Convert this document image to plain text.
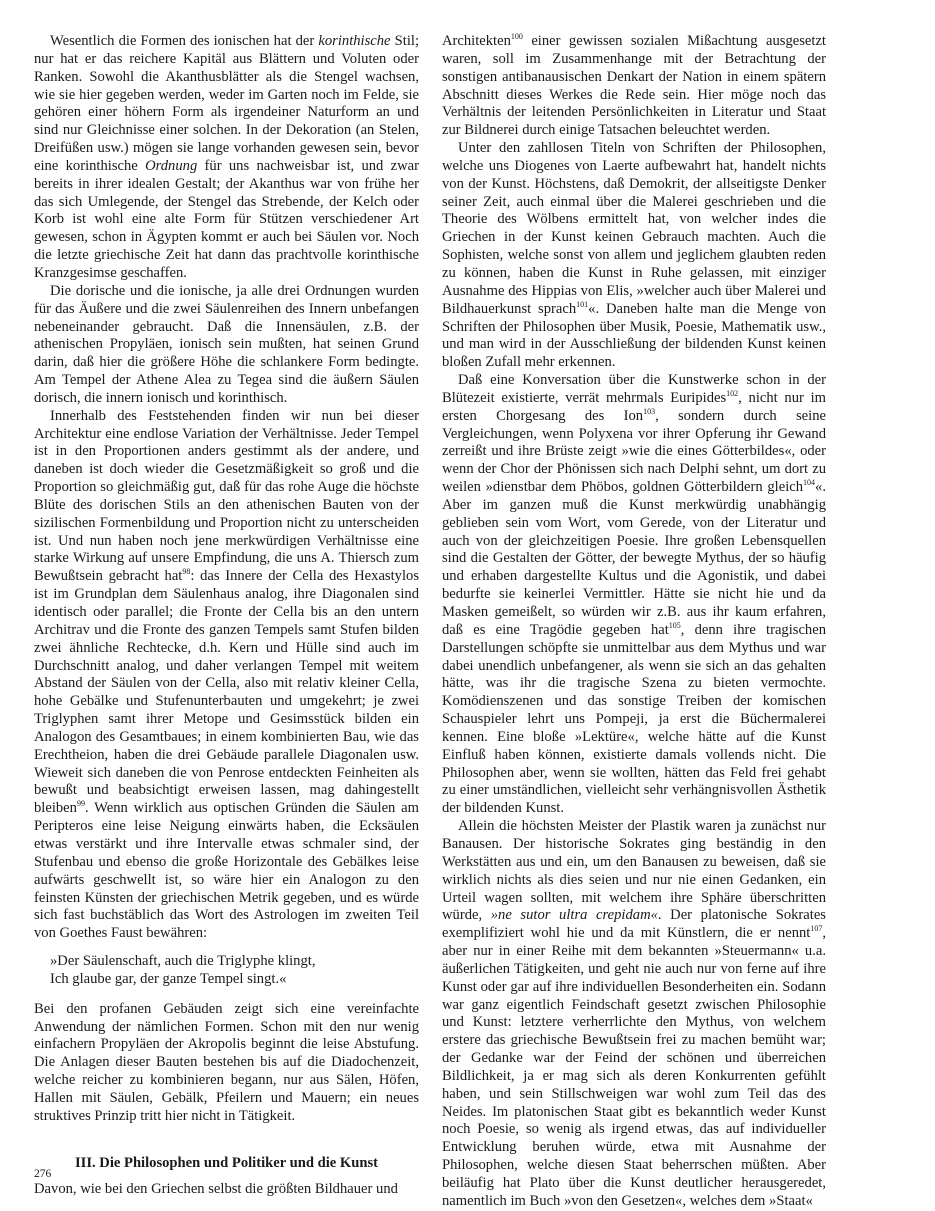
Wesentlich die Formen des ionischen hat der korinthische Stil; nur hat er das reichere Kapitäl aus Blättern und Voluten oder Ranken. Sowohl die Akanthusblätter als die Stengel wachsen, wie sie hier gegeben werden, weder im Garten noch im Felde, sie gehören einer höhern Form als irgendeiner Naturform an und sind nur Gleichnisse einer solchen. In der Dekoration (an Stelen, Dreifüßen usw.) mögen sie lange vorhanden gewesen sein, bevor eine korinthische Ordnung für uns nachweisbar ist, und zwar bereits in ihrer idealen Gestalt; der Akanthus war von frühe her das sich Umlegende, der Stengel das Strebende, der Kelch oder Korb ist wohl eine alte Form für Stützen verschiedener Art gewesen, schon in Ägypten kommt er auch bei Säulen vor. Noch die letzte griechische Zeit hat dann das prachtvolle korinthische Kranzgesimse geschaffen.

Die dorische und die ionische, ja alle drei Ordnungen wurden für das Äußere und die zwei Säulenreihen des Innern unbefangen nebeneinander gebraucht. Daß die Innensäulen, z.B. der athenischen Propyläen, ionisch sein mußten, hat seinen Grund darin, daß hier die größere Höhe die schlankere Form bedingte. Am Tempel der Athene Alea zu Tegea sind die äußern Säulen dorisch, die innern ionisch und korinthisch.

Innerhalb des Feststehenden finden wir nun bei dieser Architektur eine endlose Variation der Verhältnisse. Jeder Tempel ist in den Proportionen anders gestimmt als der andere, und daneben ist doch wieder die Gesetzmäßigkeit so groß und die Proportion so gleichmäßig gut, daß für das rohe Auge die höchste Blüte des dorischen Stils an den athenischen Bauten von der sizilischen Formenbildung und Proportion nicht zu unterscheiden ist. Und nun haben noch jene merkwürdigen Verhältnisse eine starke Wirkung auf unsere Empfindung, die uns A. Thiersch zum Bewußtsein gebracht hat$^{98}$: das Innere der Cella des Hexastylos ist im Grundplan dem Säulenhaus analog, ihre Diagonalen sind identisch oder parallel; die Fronte der Cella bis an den untern Architrav und die Fronte des ganzen Tempels samt Stufen bilden zwei ähnliche Rechtecke, d.h. Kern und Hülle sind auch im Durchschnitt analog, und daher verlangen Tempel mit weitem Abstand der Säulen von der Cella, also mit relativ kleiner Cella, hohe Gebälke und Stufenunterbauten und umgekehrt; je zwei Triglyphen samt ihrer Metope und Gesimsstück bilden ein Analogon des Gesamtbaues; in einem kombinierten Bau, wie das Erechtheion, haben die drei Gebäude parallele Diagonalen usw. Wieweit sich daneben die von Penrose entdeckten Feinheiten als bewußt und beabsichtigt erweisen lassen, mag dahingestellt bleiben$^{99}$. Wenn wirklich aus optischen Gründen die Säulen am Peripteros eine leise Neigung einwärts haben, die Ecksäulen etwas verstärkt und ihre Intervalle etwas schmaler sind, der Stufenbau und ebenso die große Horizontale des Gebälkes leise aufwärts geschwellt ist, so wäre hier ein Analogon zu den feinsten Künsten der griechischen Metrik gegeben, und es würde sich fast buchstäblich das Wort des Astrologen im zweiten Teil von Goethes Faust bewähren:

»Der Säulenschaft, auch die Triglyphe klingt,
Ich glaube gar, der ganze Tempel singt.«

Bei den profanen Gebäuden zeigt sich eine vereinfachte Anwendung der nämlichen Formen. Schon mit den nur wenig einfachern Propyläen der Akropolis beginnt die leise Abstufung. Die Anlagen dieser Bauten bestehen bis auf die Diadochenzeit, welche reicher zu kombinieren begann, nur aus Sälen, Höfen, Hallen mit Säulen, Gebälk, Pfeilern und Mauern; ein neues struktives Prinzip tritt hier nicht in Tätigkeit.

III. Die Philosophen und Politiker und die Kunst

Davon, wie bei den Griechen selbst die größten Bildhauer und

Architekten$^{100}$ einer gewissen sozialen Mißachtung ausgesetzt waren, soll im Zusammenhange mit der Betrachtung der sonstigen antibanausischen Denkart der Nation in einem spätern Abschnitt dieses Werkes die Rede sein. Hier möge noch das Verhältnis der leitenden Persönlichkeiten in Literatur und Staat zur Bildnerei durch einige Tatsachen beleuchtet werden.

Unter den zahllosen Titeln von Schriften der Philosophen, welche uns Diogenes von Laerte aufbewahrt hat, handelt nichts von der Kunst. Höchstens, daß Demokrit, der allseitigste Denker seiner Zeit, auch einmal über die Malerei geschrieben und die Theorie des Wölbens ermittelt hat, von welcher indes die Griechen in der Kunst keinen Gebrauch machten. Auch die Sophisten, welche sonst von allem und jeglichem glaubten reden zu können, haben die Kunst in Ruhe gelassen, mit einziger Ausnahme des Hippias von Elis, »welcher auch über Malerei und Bildhauerkunst sprach$^{101}$«. Daneben halte man die Menge von Schriften der Philosophen über Musik, Poesie, Mathematik usw., und man wird in der Ausschließung der bildenden Kunst keinen bloßen Zufall mehr erkennen.

Daß eine Konversation über die Kunstwerke schon in der Blütezeit existierte, verrät mehrmals Euripides$^{102}$, nicht nur im ersten Chorgesang des Ion$^{103}$, sondern durch seine Vergleichungen, wenn Polyxena vor ihrer Opferung ihr Gewand zerreißt und ihre Brüste zeigt »wie die eines Götterbildes«, oder wenn der Chor der Phönissen sich nach Delphi sehnt, um dort zu weilen »dienstbar dem Phöbos, goldnen Götterbildern gleich$^{104}$«. Aber im ganzen muß die Kunst merkwürdig unabhängig geblieben sein vom Wort, vom Gerede, von der Literatur und auch von der gleichzeitigen Poesie. Ihre großen Lebensquellen sind die Gestalten der Götter, der bewegte Mythus, der so häufig und erhaben dargestellte Kultus und die Agonistik, und dabei bedurfte sie keinerlei Vermittler. Hätte sie nicht hie und da Masken gemeißelt, so würden wir z.B. aus ihr kaum erfahren, daß es eine Tragödie gegeben hat$^{105}$, denn ihre tragischen Darstellungen schöpfte sie unmittelbar aus dem Mythus und war dabei unendlich unbefangener, als wenn sie sich an das gehalten hätte, was ihr die tragische Szena zu bieten vermochte. Komödienszenen und das sonstige Treiben der komischen Schauspieler lehrt uns Pompeji, ja erst die Büchermalerei kennen. Eine bloße »Lektüre«, welche hätte auf die Kunst Einfluß haben können, existierte damals vollends nicht. Die Philosophen aber, wenn sie wollten, hätten das Feld frei gehabt zu einer umständlichen, vielleicht sehr verhängnisvollen Ästhetik der bildenden Kunst.

Allein die höchsten Meister der Plastik waren ja zunächst nur Banausen. Der historische Sokrates ging beständig in den Werkstätten aus und ein, um den Banausen zu beweisen, daß sie wirklich nichts als dies seien und nur nie einen Gedanken, ein Urteil wagen sollten, mit welchem ihre Sphäre überschritten würde, »ne sutor ultra crepidam«. Der platonische Sokrates exemplifiziert wohl hie und da mit Künstlern, die er nennt$^{107}$, aber nur in einer Reihe mit dem bekannten »Steuermann« u.a. äußerlichen Tätigkeiten, und geht nie auch nur von ferne auf ihre Kunst oder gar auf ihre individuellen Besonderheiten ein. Sodann war ganz eigentlich Feindschaft gesetzt zwischen Philosophie und Kunst: letztere verherrlichte den Mythus, von welchem erstere das griechische Bewußtsein frei zu machen bemüht war; der Gedanke war der Feind der schönen und überreichen Bildlichkeit, ja er mag sich als deren Konkurrenten gefühlt haben, und sein Stillschweigen war wohl zum Teil das des Neides. Im platonischen Staat gibt es bekanntlich weder Kunst noch Poesie, so wenig als irgend etwas, das auf individueller Entwicklung beruhen würde, etwa mit Ausnahme der Philosophen, welche diesen Staat beherrschen müßten. Aber beiläufig hat Plato über die Kunst deutlicher herausgeredet, namentlich im Buch »von den Gesetzen«, welches dem »Staat«

276
